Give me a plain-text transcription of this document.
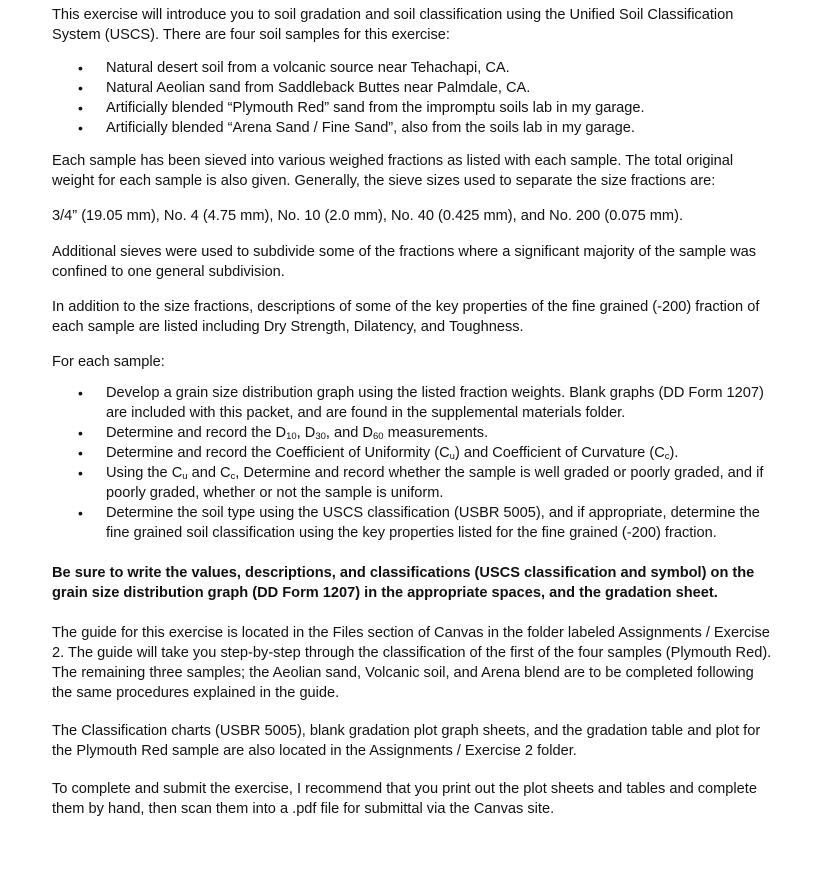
This exercise will introduce you to soil gradation and soil classification using the Unified Soil Classification System (USCS). There are four soil samples for this exercise:

• Natural desert soil from a volcanic source near Tehachapi, CA.
• Natural Aeolian sand from Saddleback Buttes near Palmdale, CA.
• Artificially blended “Plymouth Red” sand from the impromptu soils lab in my garage.
• Artificially blended “Arena Sand / Fine Sand”, also from the soils lab in my garage.

Each sample has been sieved into various weighed fractions as listed with each sample. The total original weight for each sample is also given. Generally, the sieve sizes used to separate the size fractions are:

3/4” (19.05 mm), No. 4 (4.75 mm), No. 10 (2.0 mm), No. 40 (0.425 mm), and No. 200 (0.075 mm).

Additional sieves were used to subdivide some of the fractions where a significant majority of the sample was confined to one general subdivision.

In addition to the size fractions, descriptions of some of the key properties of the fine grained (-200) fraction of each sample are listed including Dry Strength, Dilatency, and Toughness.

For each sample:

• Develop a grain size distribution graph using the listed fraction weights. Blank graphs (DD Form 1207) are included with this packet, and are found in the supplemental materials folder.
• Determine and record the $D_{10}$, $D_{30}$, and $D_{60}$ measurements.
• Determine and record the Coefficient of Uniformity $(C_u)$ and Coefficient of Curvature $(C_c)$.
• Using the $C_u$ and $C_c$, Determine and record whether the sample is well graded or poorly graded, and if poorly graded, whether or not the sample is uniform.
• Determine the soil type using the USCS classification (USBR 5005), and if appropriate, determine the fine grained soil classification using the key properties listed for the fine grained (-200) fraction.

Be sure to write the values, descriptions, and classifications (USCS classification and symbol) on the grain size distribution graph (DD Form 1207) in the appropriate spaces, and the gradation sheet.

The guide for this exercise is located in the Files section of Canvas in the folder labeled Assignments / Exercise 2. The guide will take you step-by-step through the classification of the first of the four samples (Plymouth Red). The remaining three samples; the Aeolian sand, Volcanic soil, and Arena blend are to be completed following the same procedures explained in the guide.

The Classification charts (USBR 5005), blank gradation plot graph sheets, and the gradation table and plot for the Plymouth Red sample are also located in the Assignments / Exercise 2 folder.

To complete and submit the exercise, I recommend that you print out the plot sheets and tables and complete them by hand, then scan them into a .pdf file for submittal via the Canvas site.
